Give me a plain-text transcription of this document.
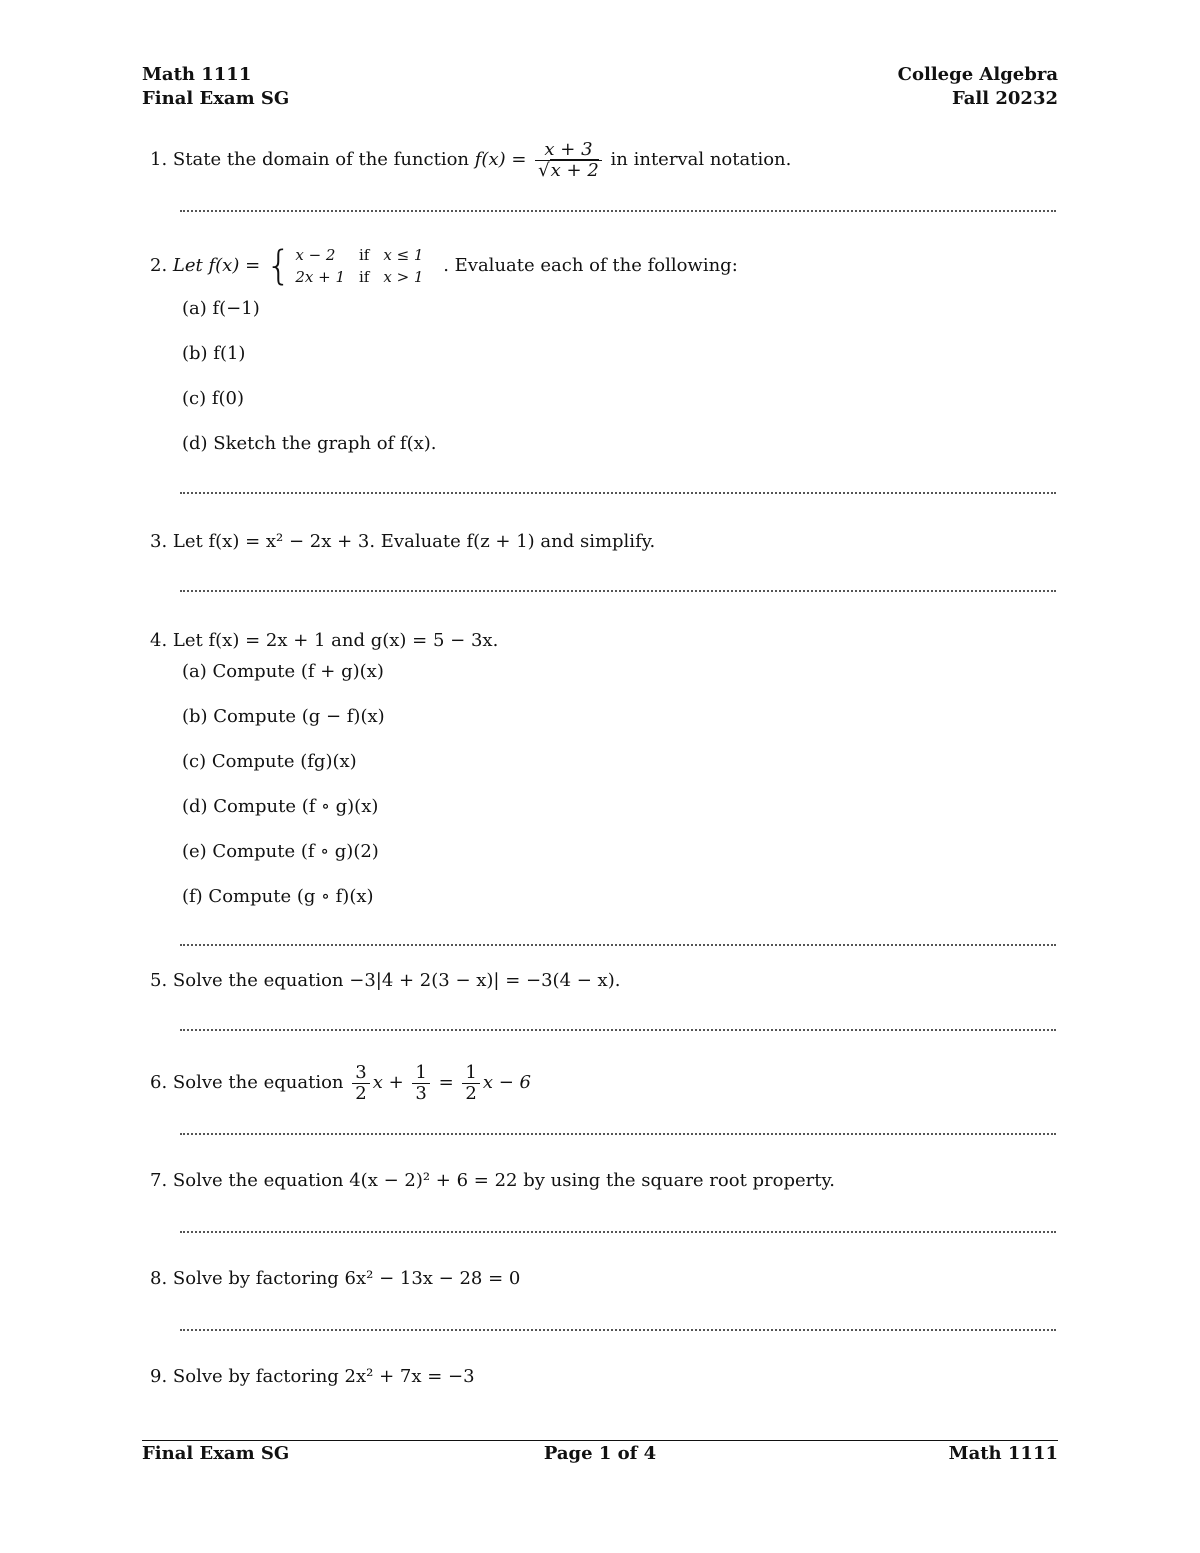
Math 1111
Final Exam SG
College Algebra
Fall 20232
1. State the domain of the function $f(x) = \frac{x + 3}{√x + 2}$ in interval notation.
2. Let f(x) = { x − 2	if	x ≤ 1
2x + 1	if	x > 1 . Evaluate each of the following:
(a) f(−1)
(b) f(1)
(c) f(0)
(d) Sketch the graph of f(x).
3. Let f(x) = x² − 2x + 3. Evaluate f(z + 1) and simplify.
4. Let f(x) = 2x + 1 and g(x) = 5 − 3x.
(a) Compute (f + g)(x)
(b) Compute (g − f)(x)
(c) Compute (fg)(x)
(d) Compute (f ∘ g)(x)
(e) Compute (f ∘ g)(2)
(f) Compute (g ∘ f)(x)
5. Solve the equation −3|4 + 2(3 − x)| = −3(4 − x).
6. Solve the equation $\frac{3}{2}$ $x + \frac{1}{3} = \frac{1}{2}$ x − 6
7. Solve the equation 4(x − 2)² + 6 = 22 by using the square root property.
8. Solve by factoring 6x² − 13x − 28 = 0
9. Solve by factoring 2x² + 7x = −3
Final Exam SG	Page 1 of 4	Math 1111
